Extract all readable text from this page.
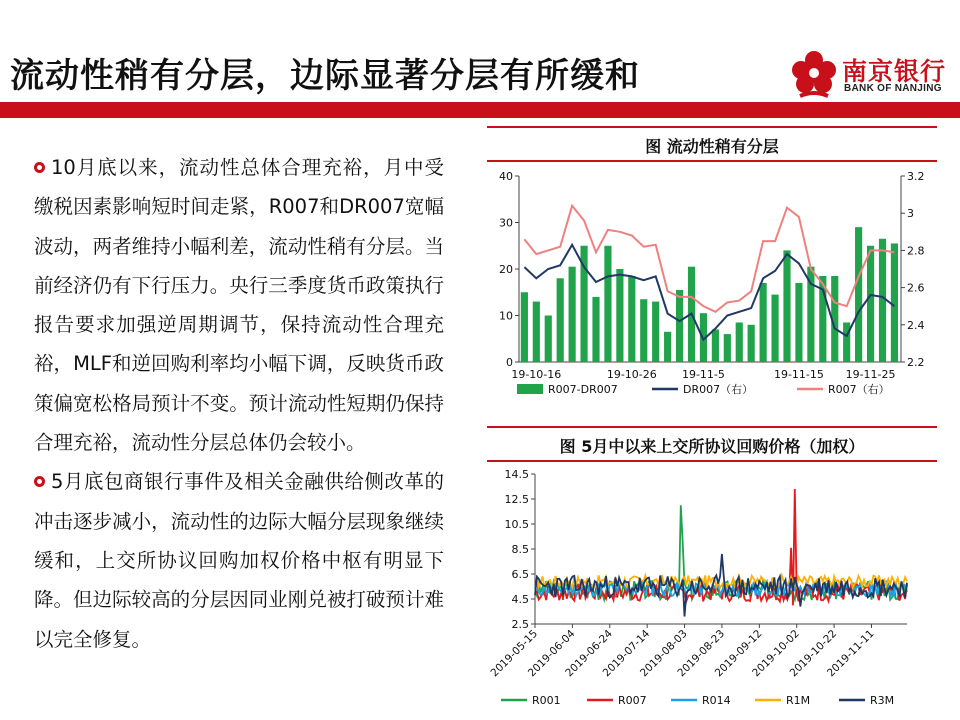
流动性稍有分层，边际显著分层有所缓和	南京银行
BANK OF NANJING

10月底以来，流动性总体合理充裕，月中受缴税因素影响短时间走紧，R007和DR007宽幅波动，两者维持小幅利差，流动性稍有分层。当前经济仍有下行压力。央行三季度货币政策执行报告要求加强逆周期调节，保持流动性合理充裕，MLF和逆回购利率均小幅下调，反映货币政策偏宽松格局预计不变。预计流动性短期仍保持合理充裕，流动性分层总体仍会较小。

5月底包商银行事件及相关金融供给侧改革的冲击逐步减小，流动性的边际大幅分层现象继续缓和，上交所协议回购加权价格中枢有明显下降。但边际较高的分层因同业刚兑被打破预计难以完全修复。

图 流动性稍有分层
0
10
20
30
40
2.2
2.4
2.6
2.8
3
3.2
19-10-16	19-10-26 19-11-5	19-11-15 19-11-25
R007-DR007	DR007（右）	R007（右）
图 5月中以来上交所协议回购价格（加权）
2.5
4.5
6.5
8.5
10.5
12.5
14.5
2019-05-15
2019-06-04
2019-06-24
2019-07-14
2019-08-03
2019-08-23
2019-09-12
2019-10-02
2019-10-22
2019-11-11
R001	R007	R014	R1M	R3M
